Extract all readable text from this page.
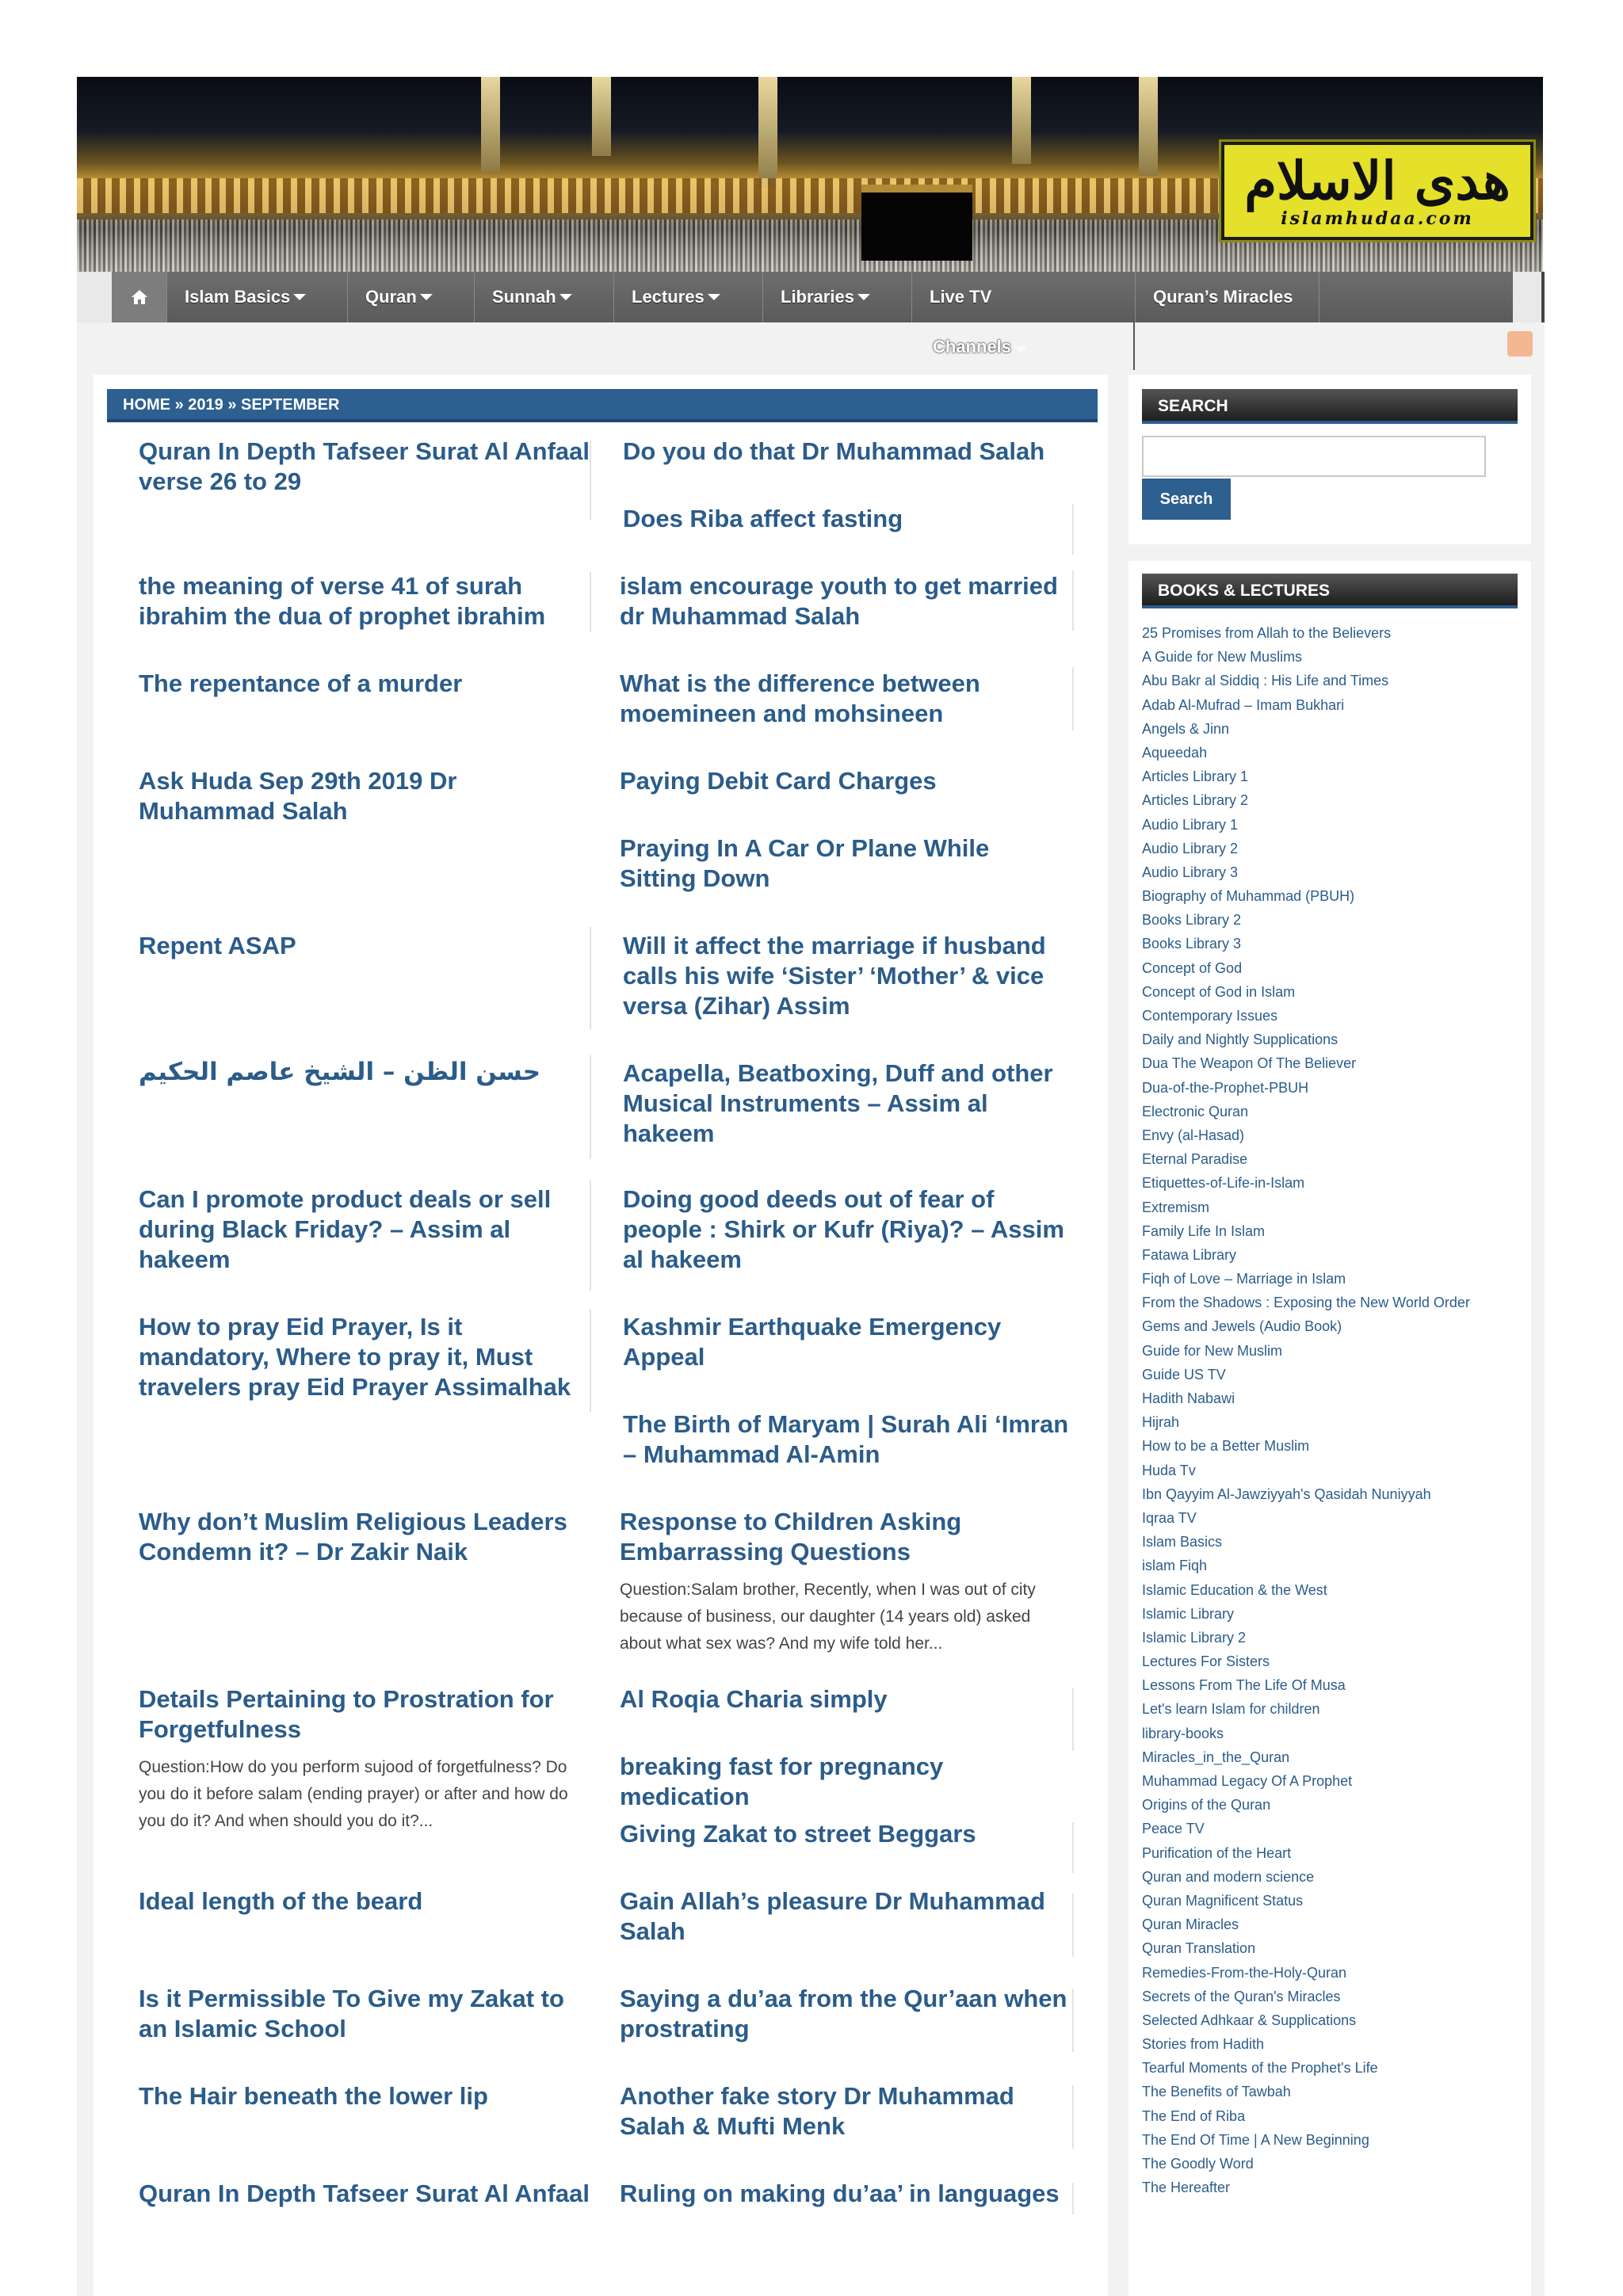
هدى الاسلام
islamhudaa.com
Islam Basics	Quran	Sunnah	Lectures	Libraries	Live TV	Quran’s Miracles
Channels
HOME » 2019 » SEPTEMBER
Quran In Depth Tafseer Surat Al Anfaal verse 26 to 29
the meaning of verse 41 of surah ibrahim the dua of prophet ibrahim
The repentance of a murder
Ask Huda Sep 29th 2019 Dr Muhammad Salah
Repent ASAP
حسن الظن – الشيخ عاصم الحكيم
Can I promote product deals or sell during Black Friday? – Assim al hakeem
How to pray Eid Prayer, Is it mandatory, Where to pray it, Must travelers pray Eid Prayer Assimalhak
Why don’t Muslim Religious Leaders Condemn it? – Dr Zakir Naik
Details Pertaining to Prostration for Forgetfulness
Question:How do you perform sujood of forgetfulness? Do you do it before salam (ending prayer) or after and how do you do it? And when should you do it?...
Ideal length of the beard
Is it Permissible To Give my Zakat to an Islamic School
The Hair beneath the lower lip
Quran In Depth Tafseer Surat Al Anfaal
Do you do that Dr Muhammad Salah
Does Riba affect fasting
islam encourage youth to get married dr Muhammad Salah
What is the difference between moemineen and mohsineen
Paying Debit Card Charges
Praying In A Car Or Plane While Sitting Down
Will it affect the marriage if husband calls his wife ‘Sister’ ‘Mother’ & vice versa (Zihar) Assim
Acapella, Beatboxing, Duff and other Musical Instruments – Assim al hakeem
Doing good deeds out of fear of people : Shirk or Kufr (Riya)? – Assim al hakeem
Kashmir Earthquake Emergency Appeal
The Birth of Maryam | Surah Ali ‘Imran – Muhammad Al-Amin
Response to Children Asking Embarrassing Questions
Question:Salam brother, Recently, when I was out of city because of business, our daughter (14 years old) asked about what sex was? And my wife told her...
Al Roqia Charia simply
breaking fast for pregnancy medication
Giving Zakat to street Beggars
Gain Allah’s pleasure Dr Muhammad Salah
Saying a du’aa from the Qur’aan when prostrating
Another fake story Dr Muhammad Salah & Mufti Menk
Ruling on making du’aa’ in languages
SEARCH
Search
BOOKS & LECTURES
25 Promises from Allah to the Believers
A Guide for New Muslims
Abu Bakr al Siddiq : His Life and Times
Adab Al-Mufrad – Imam Bukhari
Angels & Jinn
Aqueedah
Articles Library 1
Articles Library 2
Audio Library 1
Audio Library 2
Audio Library 3
Biography of Muhammad (PBUH)
Books Library 2
Books Library 3
Concept of God
Concept of God in Islam
Contemporary Issues
Daily and Nightly Supplications
Dua The Weapon Of The Believer
Dua-of-the-Prophet-PBUH
Electronic Quran
Envy (al-Hasad)
Eternal Paradise
Etiquettes-of-Life-in-Islam
Extremism
Family Life In Islam
Fatawa Library
Fiqh of Love – Marriage in Islam
From the Shadows : Exposing the New World Order
Gems and Jewels (Audio Book)
Guide for New Muslim
Guide US TV
Hadith Nabawi
Hijrah
How to be a Better Muslim
Huda Tv
Ibn Qayyim Al-Jawziyyah's Qasidah Nuniyyah
Iqraa TV
Islam Basics
islam Fiqh
Islamic Education & the West
Islamic Library
Islamic Library 2
Lectures For Sisters
Lessons From The Life Of Musa
Let's learn Islam for children
library-books
Miracles_in_the_Quran
Muhammad Legacy Of A Prophet
Origins of the Quran
Peace TV
Purification of the Heart
Quran and modern science
Quran Magnificent Status
Quran Miracles
Quran Translation
Remedies-From-the-Holy-Quran
Secrets of the Quran's Miracles
Selected Adhkaar & Supplications
Stories from Hadith
Tearful Moments of the Prophet's Life
The Benefits of Tawbah
The End of Riba
The End Of Time | A New Beginning
The Goodly Word
The Hereafter
